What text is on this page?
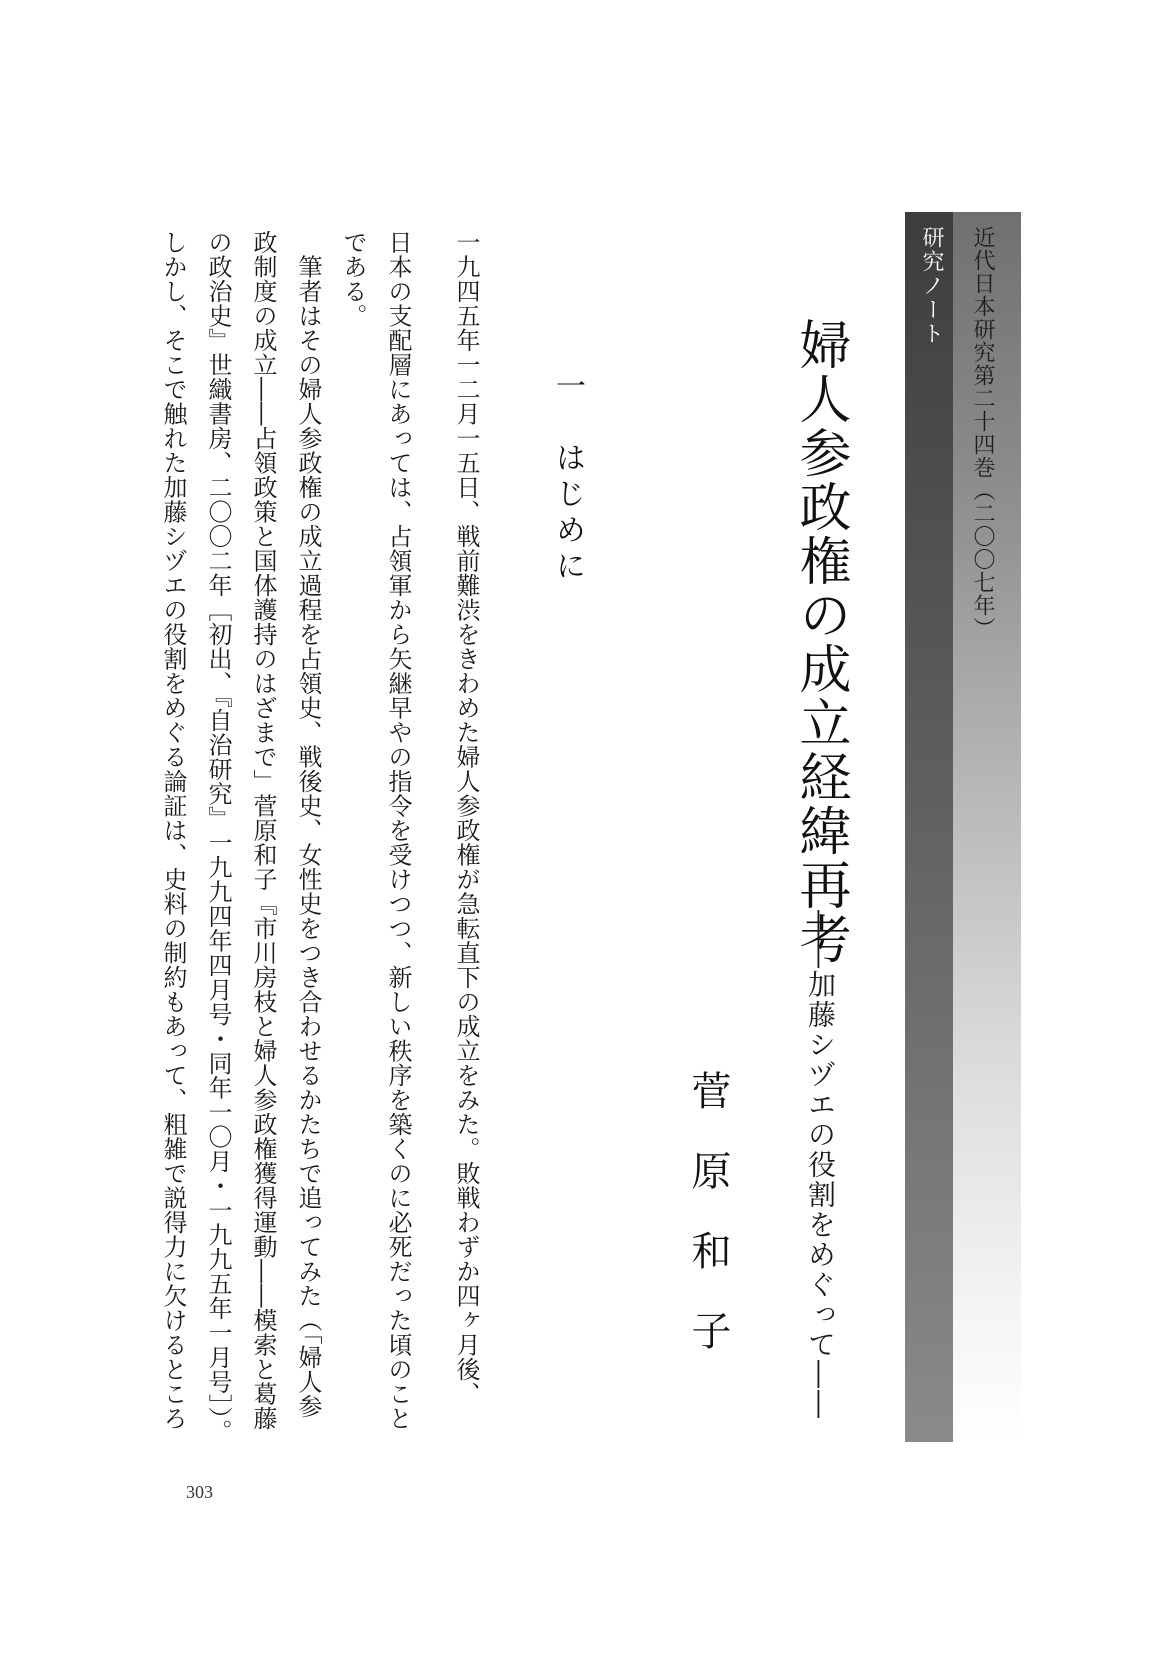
近代日本研究第二十四巻（二〇〇七年）
研究ノート
婦人参政権の成立経緯再考
――加藤シヅエの役割をめぐって――
菅原和子
一　はじめに
一九四五年一二月一五日、戦前難渋をきわめた婦人参政権が急転直下の成立をみた。敗戦わずか四ヶ月後、
日本の支配層にあっては、占領軍から矢継早やの指令を受けつつ、新しい秩序を築くのに必死だった頃のこと
である。
　筆者はその婦人参政権の成立過程を占領史、戦後史、女性史をつき合わせるかたちで追ってみた（「婦人参
政制度の成立――占領政策と国体護持のはざまで」菅原和子『市川房枝と婦人参政権獲得運動――模索と葛藤
の政治史』世織書房、二〇〇二年［初出、『自治研究』一九九四年四月号・同年一〇月・一九九五年一月号］）。
しかし、そこで触れた加藤シヅエの役割をめぐる論証は、史料の制約もあって、粗雑で説得力に欠けるところ
303
